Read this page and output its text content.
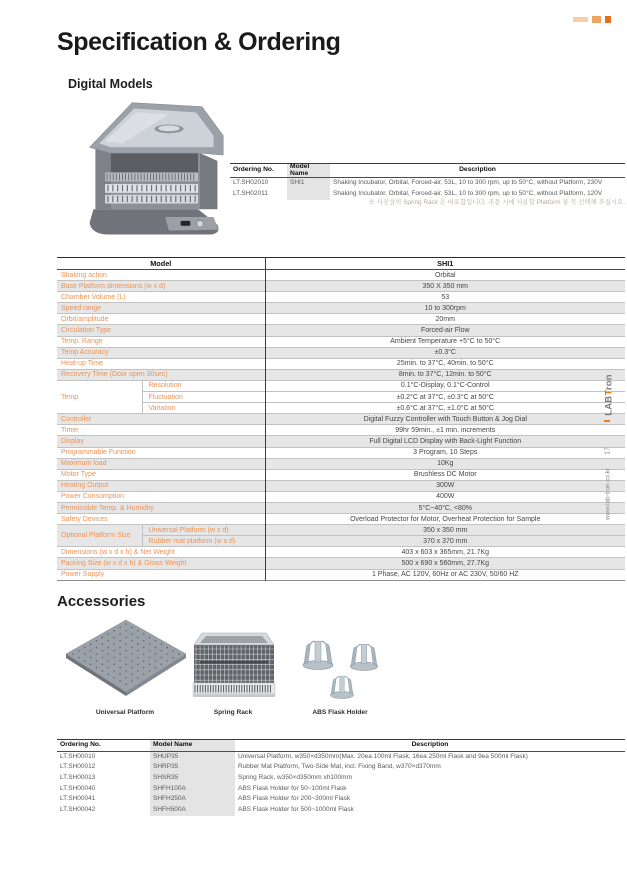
Specification & Ordering
Digital Models
Ordering No.	Model Name	Description
LT.SH02010	SHI1	Shaking Incubator, Orbital, Forced-air, 53L, 10 to 300 rpm, up to 50°C, without Platform, 230V
LT.SH02011		Shaking Incubator, Orbital, Forced-air, 53L, 10 to 300 rpm, up to 50°C, without Platform, 120V
※ 사진상의 Spring Rack 은 비포함입니다. 주문 시에 사용할 Platform 을 꼭 선택해 주십시오.
Model		SHI1
Shaking action		Orbital
Base Platform dimensions (w x d)		350 X 350 mm
Chamber Volume (L)		53
Speed range		10 to 300rpm
Orbit/amplitude		20mm
Circulation Type		Forced-air Flow
Temp. Range		Ambient Temperature +5°C to 50°C
Temp Accuracy		±0.3°C
Heat-up Time		25min. to 37°C, 40min. to 50°C
Recovery Time (Door open 30sec)		8min. to 37°C, 12min. to 50°C
Temp	Resolution	0.1°C-Display, 0.1°C-Control
	Fluctuation	±0.2°C at 37°C, ±0.3°C at 50°C
	Variation	±0.6°C at 37°C, ±1.0°C at 50°C
Controller		Digital Fuzzy Controller with Touch Button & Jog Dial
Timer		99hr 59min., ±1 min. increments
Display		Full Digital LCD Display with Back-Light Function
Programmable Function		3 Program, 10 Steps
Maximum load		10Kg
Motor Type		Brushless DC Motor
Heating Output		300W
Power Consumption		400W
Permissible Temp. & Humidity		5°C~40°C, <80%
Safety Devices		Overload Protector for Motor, Overheat Protection for Sample
Optional Platform Size	Universal Platform (w x d)	350 x 350 mm
	Rubber mat platform (w x d)	370 x 370 mm
Dimensions (w x d x h) & Net Weight		403 x 603 x 365mm, 21.7Kg
Packing Size (w x d x h) & Gross Weight		500 x 690 x 560mm, 27.7Kg
Power Supply		1 Phase, AC 120V, 60Hz or AC 230V, 50/60 HZ
Accessories
Universal Platform	Spring Rack	ABS Flask Holder
Ordering No.	Model Name	Description
LT.SH00010	SHUP35	Universal Platform, w350×d350mm(Max. 20ea 100ml Flask, 16ea 250ml Flask and 9ea 500ml Flask)
LT.SH00012	SHRP35	Rubber Mat Platform, Two-Side Mat, incl. Fixing Band, w370×d370mm
LT.SH00013	SHSR35	Spring Rack, w350×d350mm xh100mm
LT.SH00040	SHFH100A	ABS Flask Holder for 50~100ml Flask
LT.SH00041	SHFH250A	ABS Flask Holder for 200~300ml Flask
LT.SH00042	SHFH500A	ABS Flask Holder for 500~1000ml Flask
LABTron
17
www.lab-tron.co.kr
